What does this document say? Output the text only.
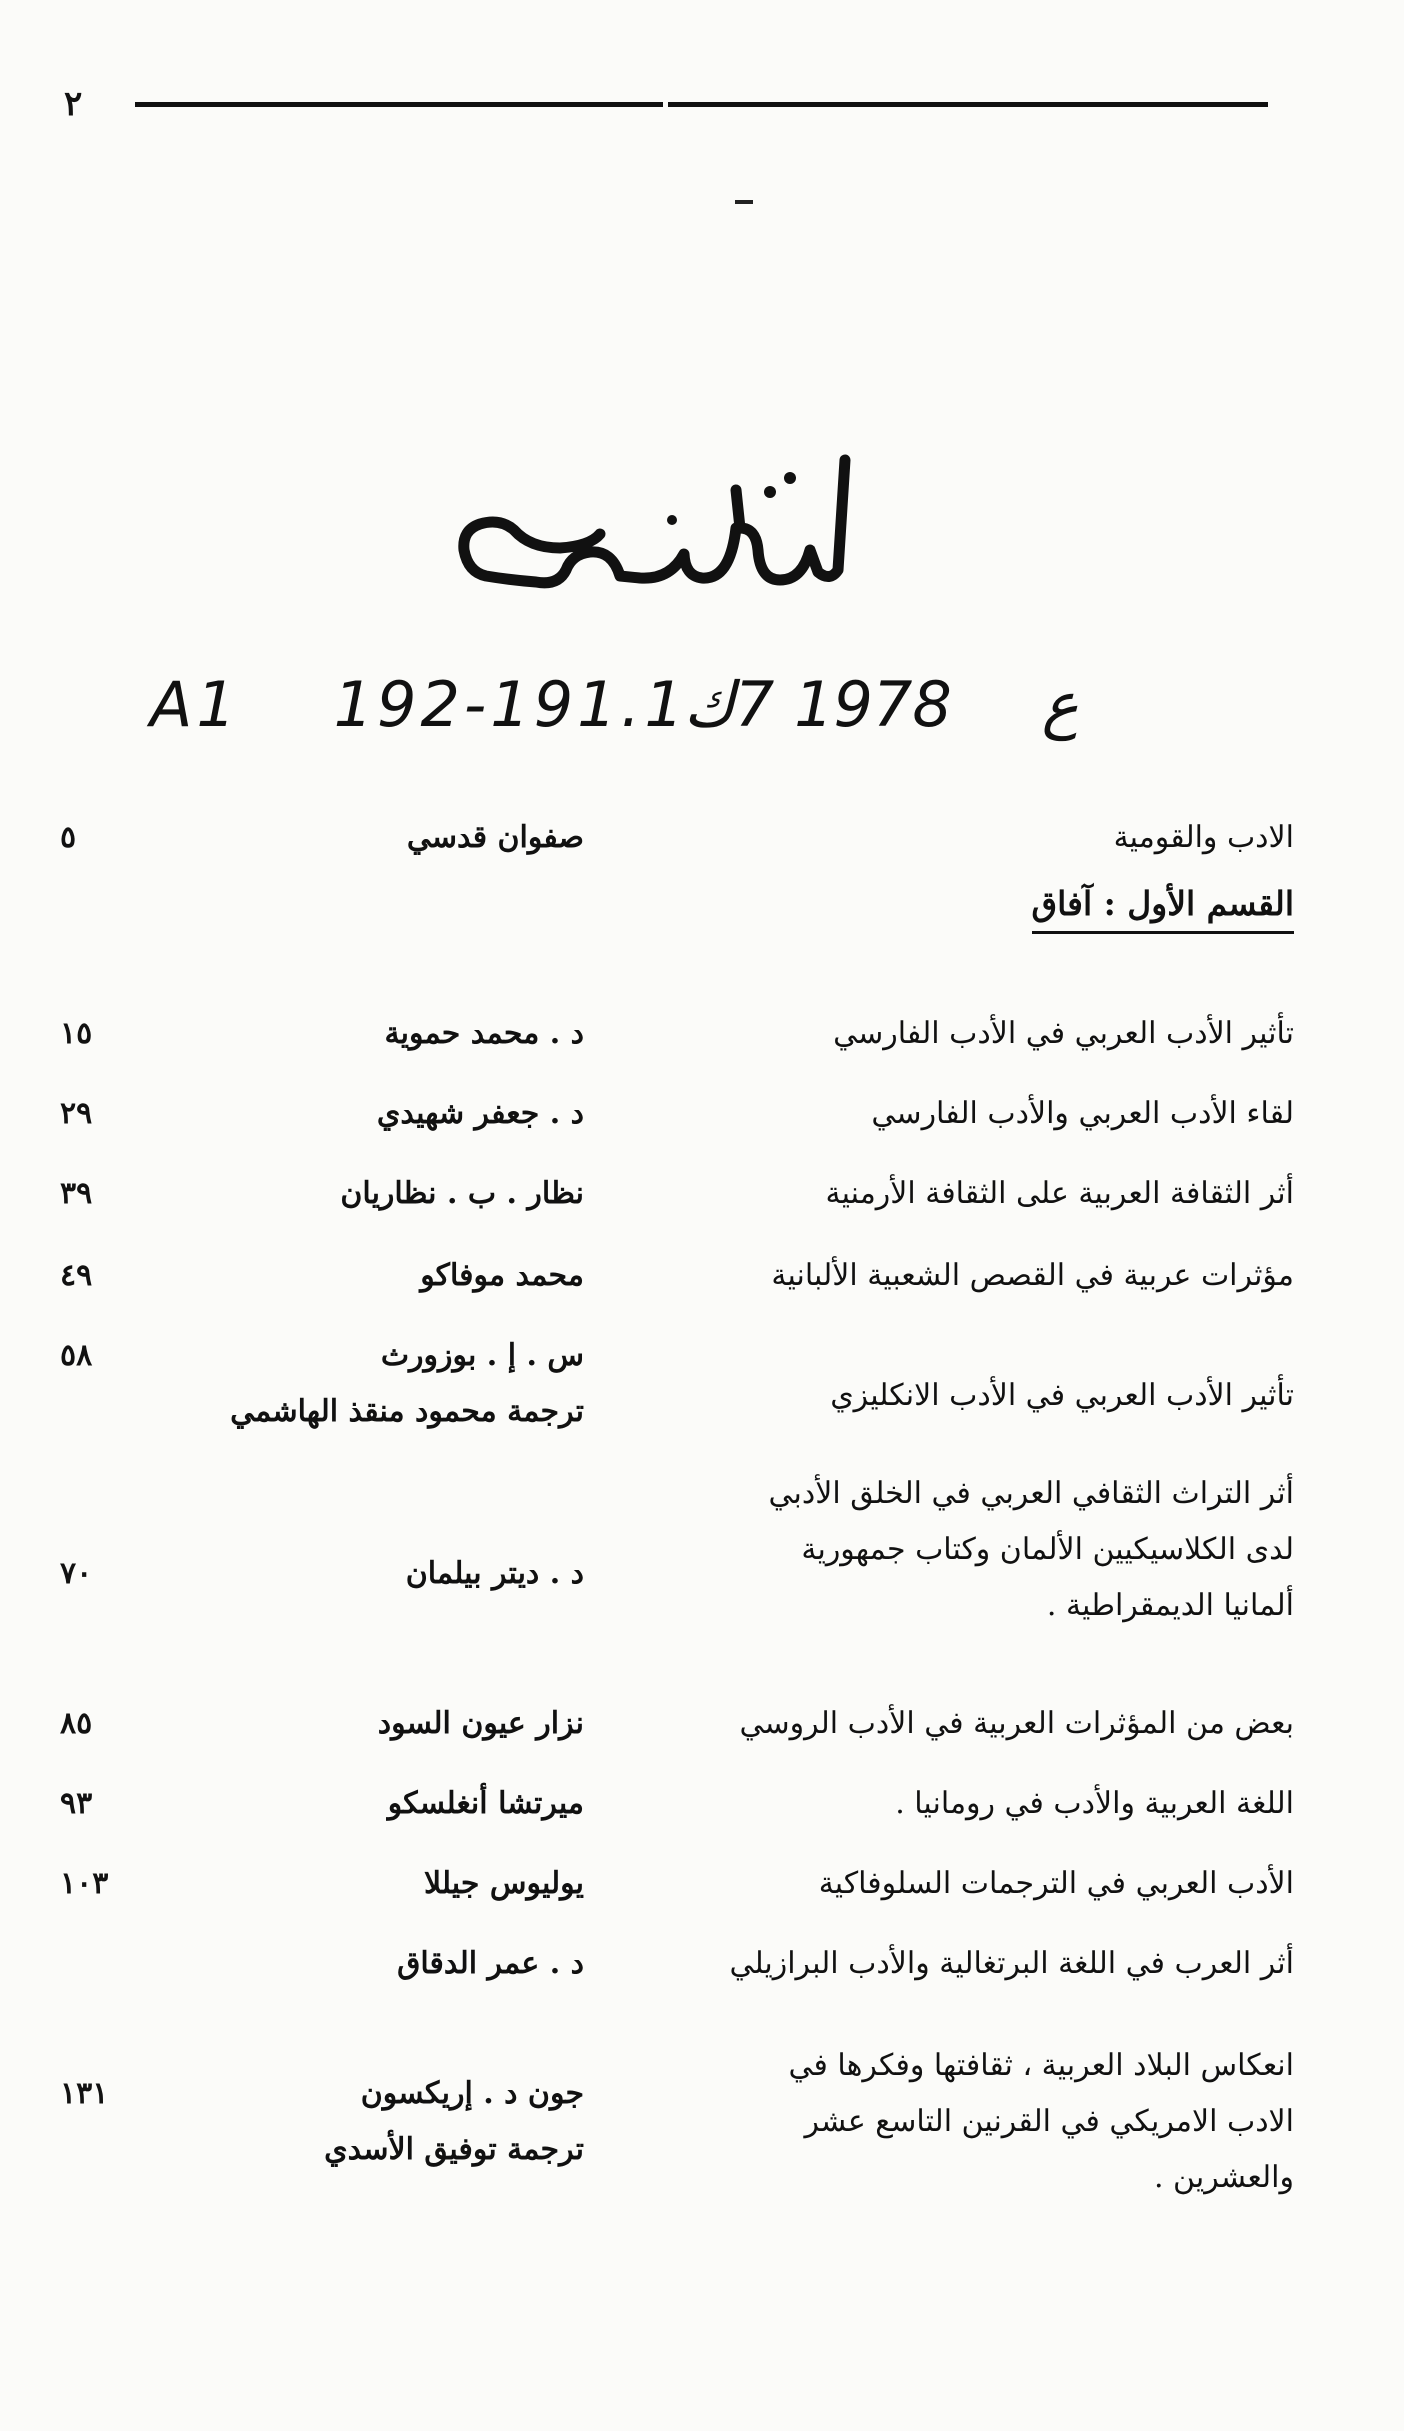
٢
A1 192-191.ع 1978 7ك1
القسم الأول : آفاق
الادب والقومية
صفوان قدسي
٥
تأثير الأدب العربي في الأدب الفارسي
د . محمد حموية
١٥
لقاء الأدب العربي والأدب الفارسي
د . جعفر شهيدي
٢٩
أثر الثقافة العربية على الثقافة الأرمنية
نظار . ب . نظاريان
٣٩
مؤثرات عربية في القصص الشعبية الألبانية
محمد موفاكو
٤٩
تأثير الأدب العربي في الأدب الانكليزي
س . إ . بوزورث
ترجمة محمود منقذ الهاشمي
٥٨
أثر التراث الثقافي العربي في الخلق الأدبي
لدى الكلاسيكيين الألمان وكتاب جمهورية
ألمانيا الديمقراطية .
د . ديتر بيلمان
٧٠
بعض من المؤثرات العربية في الأدب الروسي
نزار عيون السود
٨٥
اللغة العربية والأدب في رومانيا .
ميرتشا أنغلسكو
٩٣
الأدب العربي في الترجمات السلوفاكية
يوليوس جيللا
١٠٣
أثر العرب في اللغة البرتغالية والأدب البرازيلي
د . عمر الدقاق
انعكاس البلاد العربية ، ثقافتها وفكرها في
الادب الامريكي في القرنين التاسع عشر
والعشرين .
جون د . إريكسون
ترجمة توفيق الأسدي
١٣١
